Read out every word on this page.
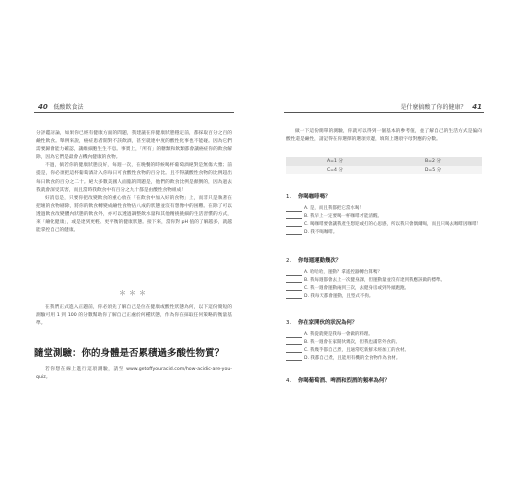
40 低酸飲食法

分評鑑討論，如果你已經有健康方面的問題，我建議在你健康狀態穩定前，都採取百分之百的鹼性飲食。舉例來說，癌症患者開對不該飲酒，甚至就連中度的酸性化事也不能碰。因為它們需要歸會能力確認，讓維細胞生生不息。事實上，「所有」的糖類和飲類都會讓癌症你的飲食解除，因為它們是最會占機內健康的食物。

不過，倘若你的健康狀態良好，每週一次，在晚餐的時候喝杯葡萄酒絕對是無傷大雅；前提是，你必須把這杯葡萄酒計入你每日可食酸性食物的百分比。且不得讓酸性食物的比例超出每日飲食的百分之二十。絕大多數美國人面臨的問題是，他們的飲食比例是顛倒的，因為過去我就會深受其害，而且當時我飲食中有百分之九十都是由酸性食物組成！

好消息是，只要你把改變飲食的重心放在「在飲食中加入好的食物」上，而非只是執著在把壞的食物剔除，將你的飲食轉變成鹼性食物佔八成的狀態並沒有想像中的困難。在除了可以透過飲食改變體內狀態的飲食外，亦可以透過調整飲水量和其他精挑挑細的生活習慣的方式，來「鹼化健康」，或是達到更輕、更平衡的健康狀態。接下來，當你對 pH 值的了解越多，就越能掌控自己的健康。

＊＊＊

在我們正式進入正題前，你必須先了解自己是位在健康或酸性狀態為何，以下這份簡短的測驗可用 1 到 100 的分數幫助你了解自己正處於何種狀態，作為你在採取任何策略的衡量基準。

隨堂測驗：你的身體是否累積過多酸性物質？

若你想在線上進行這項測驗，請至 www.getoffyouracid.com/how-acidic-are-you-quiz。

是什麼搞酸了你的健康？ 41

做一下這份簡單的測驗，你就可以得到一個基本的參考值，並了解自己的生活方式是偏向酸性還是鹼性，請記得在你選擇的選項旁邊，填寫上選項字母對應的分數。

A=1 分	B=2 分
C=4 分	D=5 分
1. 你喝咖啡嗎？
A. 是，而且我都把它當水喝！
B. 我早上一定要喝一杯咖啡才能清醒。
C. 喝咖啡要會讓我產生想迎或打的心思感，所以我只會偶爾喝，而且只喝去咖啡因咖啡！
D. 我不喝咖啡。
2. 你每週運動幾次？
A. 哈哈哈，運動？拿遙控器轉台算嗎？
B. 我每週都會去上一次健身課，但運動量並沒有達到我應該做的標準。
C. 我一週會運動兩到三次，去健身房或到外頭跑跑。
D. 我每天都會運動，且型式不拘。
3. 你在家開伙的狀況為何？
A. 我從就變是我每一會做的料理。
B. 我一週會在家開伙幾次，但我也滿常外食的。
C. 我幾乎都自己煮，且通常吃新鮮未經加工的食材。
D. 我都自己煮，且能用有機的全食物作為食材。
4. 你喝葡萄酒、啤酒和烈酒的頻率為何？
